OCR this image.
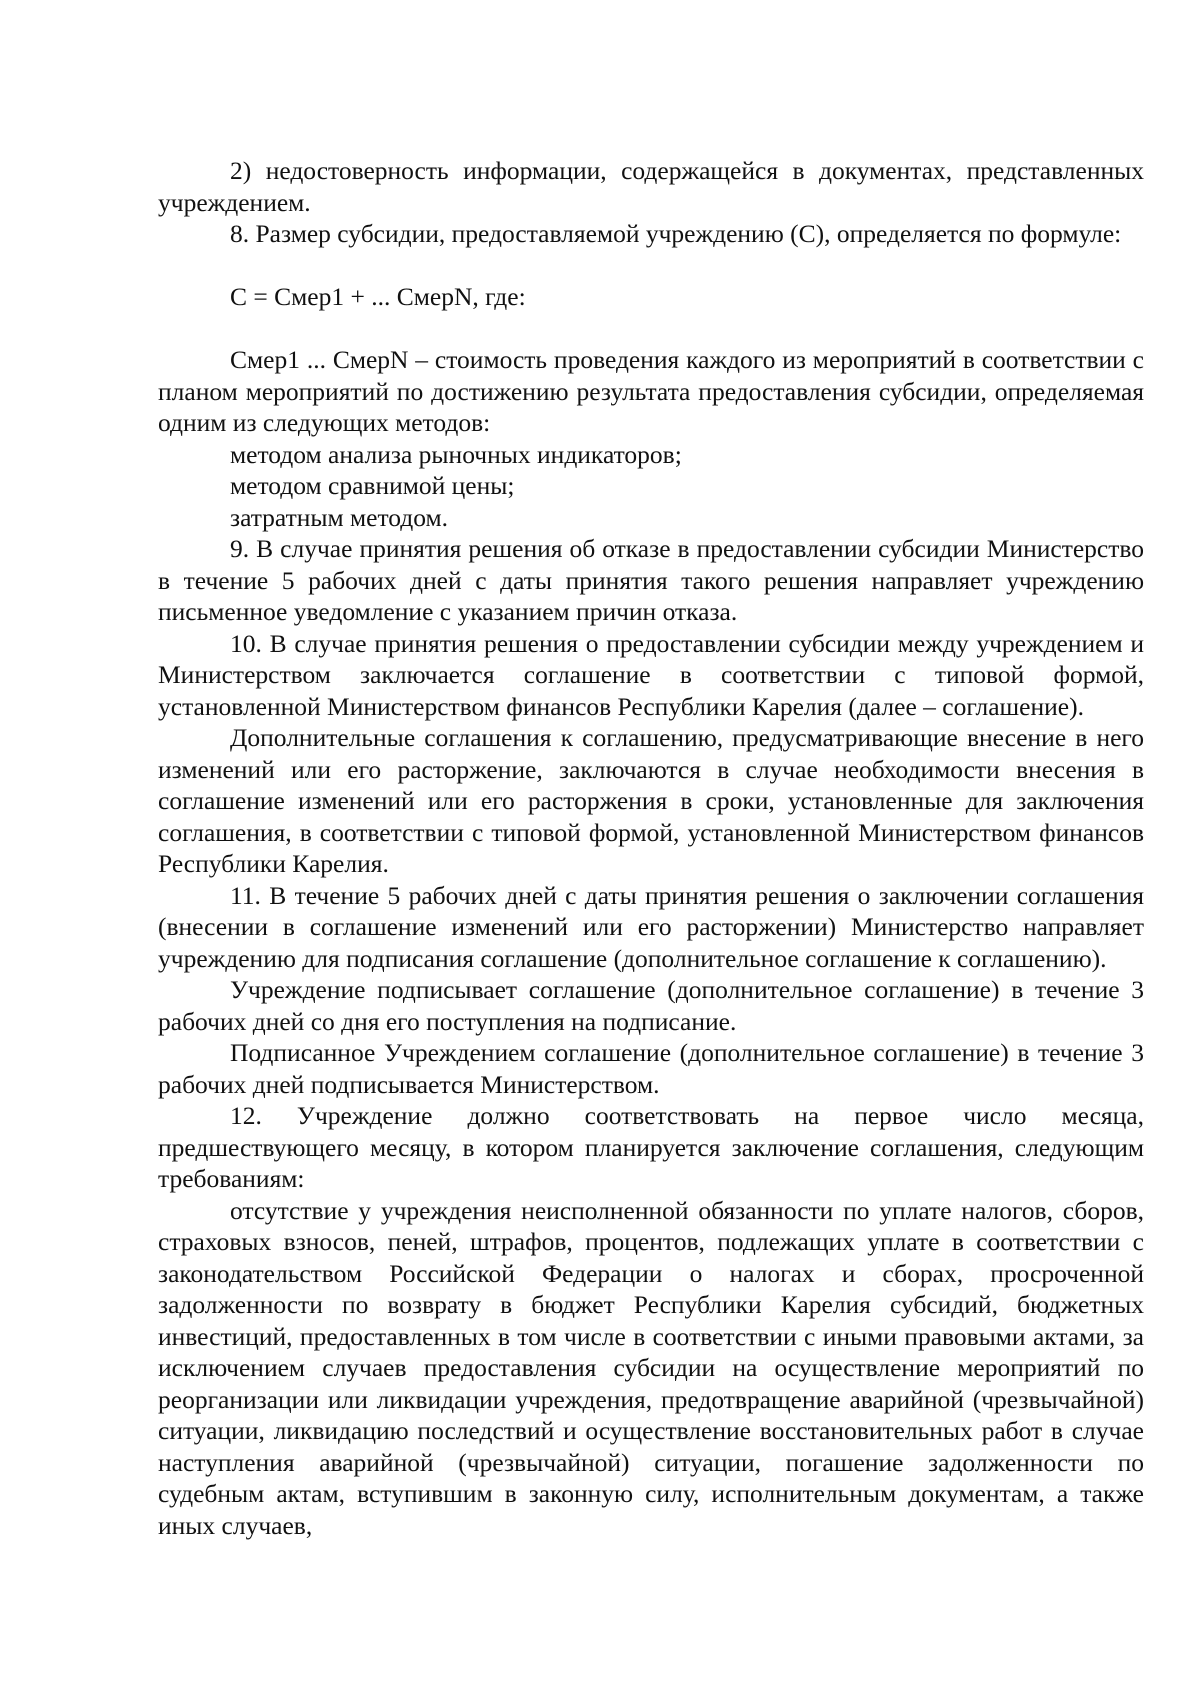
2) недостоверность информации, содержащейся в документах, представленных учреждением.

8. Размер субсидии, предоставляемой учреждению (С), определяется по формуле:

С = Смер1 + ... СмерN, где:

Смер1 ... СмерN – стоимость проведения каждого из мероприятий в соответствии с планом мероприятий по достижению результата предоставления субсидии, определяемая одним из следующих методов:

методом анализа рыночных индикаторов;

методом сравнимой цены;

затратным методом.

9. В случае принятия решения об отказе в предоставлении субсидии Министерство в течение 5 рабочих дней с даты принятия такого решения направляет учреждению письменное уведомление с указанием причин отказа.

10. В случае принятия решения о предоставлении субсидии между учреждением и Министерством заключается соглашение в соответствии с типовой формой, установленной Министерством финансов Республики Карелия (далее – соглашение).

Дополнительные соглашения к соглашению, предусматривающие внесение в него изменений или его расторжение, заключаются в случае необходимости внесения в соглашение изменений или его расторжения в сроки, установленные для заключения соглашения, в соответствии с типовой формой, установленной Министерством финансов Республики Карелия.

11. В течение 5 рабочих дней с даты принятия решения о заключении соглашения (внесении в соглашение изменений или его расторжении) Министерство направляет учреждению для подписания соглашение (дополнительное соглашение к соглашению).

Учреждение подписывает соглашение (дополнительное соглашение) в течение 3 рабочих дней со дня его поступления на подписание.

Подписанное Учреждением соглашение (дополнительное соглашение) в течение 3 рабочих дней подписывается Министерством.

12. Учреждение должно соответствовать на первое число месяца, предшествующего месяцу, в котором планируется заключение соглашения, следующим требованиям:

отсутствие у учреждения неисполненной обязанности по уплате налогов, сборов, страховых взносов, пеней, штрафов, процентов, подлежащих уплате в соответствии с законодательством Российской Федерации о налогах и сборах, просроченной задолженности по возврату в бюджет Республики Карелия субсидий, бюджетных инвестиций, предоставленных в том числе в соответствии с иными правовыми актами, за исключением случаев предоставления субсидии на осуществление мероприятий по реорганизации или ликвидации учреждения, предотвращение аварийной (чрезвычайной) ситуации, ликвидацию последствий и осуществление восстановительных работ в случае наступления аварийной (чрезвычайной) ситуации, погашение задолженности по судебным актам, вступившим в законную силу, исполнительным документам, а также иных случаев,
